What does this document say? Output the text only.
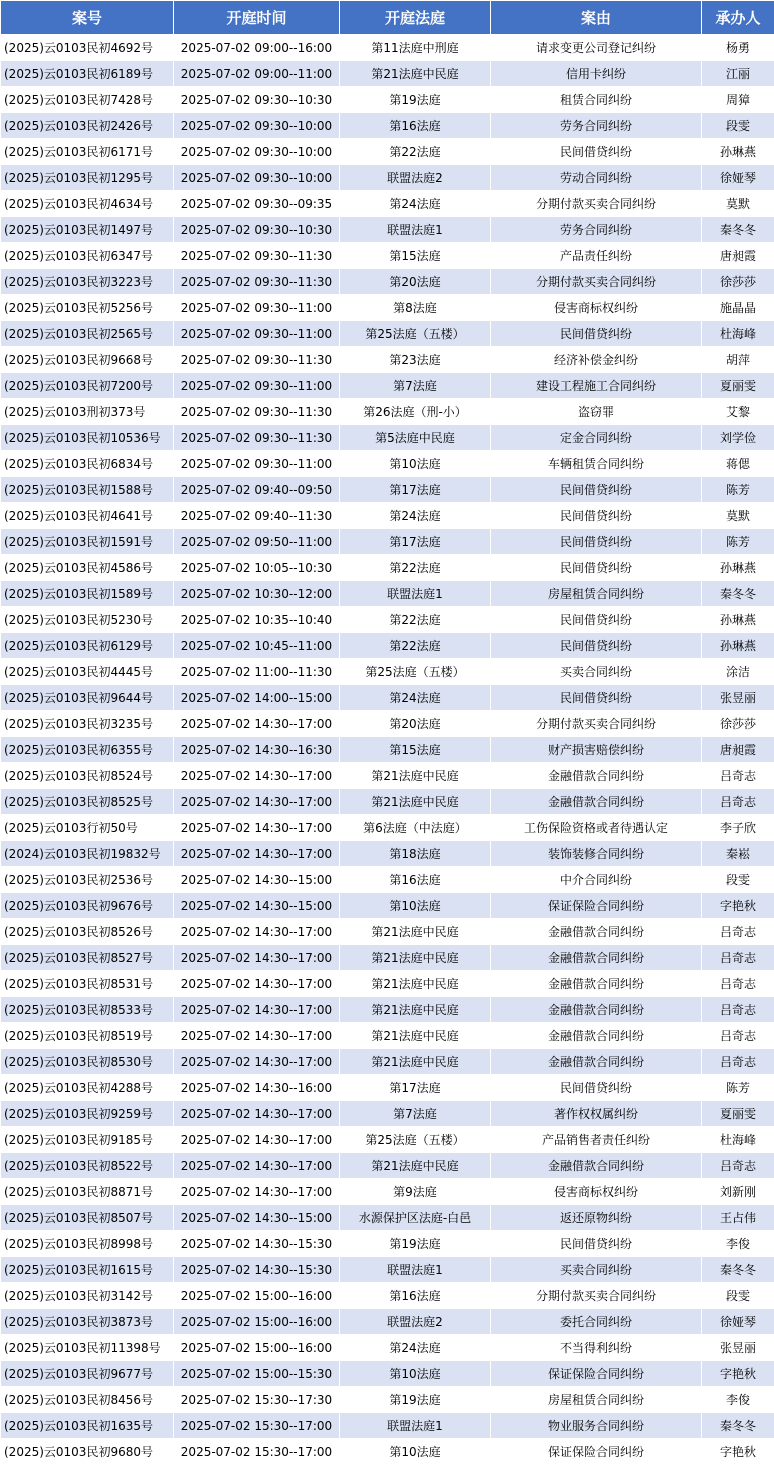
案号	开庭时间	开庭法庭	案由	承办人
(2025)云0103民初4692号	2025-07-02 09:00--16:00	第11法庭中刑庭	请求变更公司登记纠纷	杨勇
(2025)云0103民初6189号	2025-07-02 09:00--11:00	第21法庭中民庭	信用卡纠纷	江丽
(2025)云0103民初7428号	2025-07-02 09:30--10:30	第19法庭	租赁合同纠纷	周獐
(2025)云0103民初2426号	2025-07-02 09:30--10:00	第16法庭	劳务合同纠纷	段雯
(2025)云0103民初6171号	2025-07-02 09:30--10:00	第22法庭	民间借贷纠纷	孙琳燕
(2025)云0103民初1295号	2025-07-02 09:30--10:00	联盟法庭2	劳动合同纠纷	徐娅琴
(2025)云0103民初4634号	2025-07-02 09:30--09:35	第24法庭	分期付款买卖合同纠纷	莫默
(2025)云0103民初1497号	2025-07-02 09:30--10:30	联盟法庭1	劳务合同纠纷	秦冬冬
(2025)云0103民初6347号	2025-07-02 09:30--11:30	第15法庭	产品责任纠纷	唐昶霞
(2025)云0103民初3223号	2025-07-02 09:30--11:30	第20法庭	分期付款买卖合同纠纷	徐莎莎
(2025)云0103民初5256号	2025-07-02 09:30--11:00	第8法庭	侵害商标权纠纷	施晶晶
(2025)云0103民初2565号	2025-07-02 09:30--11:00	第25法庭（五楼）	民间借贷纠纷	杜海峰
(2025)云0103民初9668号	2025-07-02 09:30--11:30	第23法庭	经济补偿金纠纷	胡萍
(2025)云0103民初7200号	2025-07-02 09:30--11:00	第7法庭	建设工程施工合同纠纷	夏丽雯
(2025)云0103刑初373号	2025-07-02 09:30--11:30	第26法庭（刑-小）	盗窃罪	艾黎
(2025)云0103民初10536号	2025-07-02 09:30--11:30	第5法庭中民庭	定金合同纠纷	刘学俭
(2025)云0103民初6834号	2025-07-02 09:30--11:00	第10法庭	车辆租赁合同纠纷	蒋偲
(2025)云0103民初1588号	2025-07-02 09:40--09:50	第17法庭	民间借贷纠纷	陈芳
(2025)云0103民初4641号	2025-07-02 09:40--11:30	第24法庭	民间借贷纠纷	莫默
(2025)云0103民初1591号	2025-07-02 09:50--11:00	第17法庭	民间借贷纠纷	陈芳
(2025)云0103民初4586号	2025-07-02 10:05--10:30	第22法庭	民间借贷纠纷	孙琳燕
(2025)云0103民初1589号	2025-07-02 10:30--12:00	联盟法庭1	房屋租赁合同纠纷	秦冬冬
(2025)云0103民初5230号	2025-07-02 10:35--10:40	第22法庭	民间借贷纠纷	孙琳燕
(2025)云0103民初6129号	2025-07-02 10:45--11:00	第22法庭	民间借贷纠纷	孙琳燕
(2025)云0103民初4445号	2025-07-02 11:00--11:30	第25法庭（五楼）	买卖合同纠纷	涂洁
(2025)云0103民初9644号	2025-07-02 14:00--15:00	第24法庭	民间借贷纠纷	张昱丽
(2025)云0103民初3235号	2025-07-02 14:30--17:00	第20法庭	分期付款买卖合同纠纷	徐莎莎
(2025)云0103民初6355号	2025-07-02 14:30--16:30	第15法庭	财产损害赔偿纠纷	唐昶霞
(2025)云0103民初8524号	2025-07-02 14:30--17:00	第21法庭中民庭	金融借款合同纠纷	吕奇志
(2025)云0103民初8525号	2025-07-02 14:30--17:00	第21法庭中民庭	金融借款合同纠纷	吕奇志
(2025)云0103行初50号	2025-07-02 14:30--17:00	第6法庭（中法庭）	工伤保险资格或者待遇认定	李子欣
(2024)云0103民初19832号	2025-07-02 14:30--17:00	第18法庭	装饰装修合同纠纷	秦崧
(2025)云0103民初2536号	2025-07-02 14:30--15:00	第16法庭	中介合同纠纷	段雯
(2025)云0103民初9676号	2025-07-02 14:30--15:00	第10法庭	保证保险合同纠纷	字艳秋
(2025)云0103民初8526号	2025-07-02 14:30--17:00	第21法庭中民庭	金融借款合同纠纷	吕奇志
(2025)云0103民初8527号	2025-07-02 14:30--17:00	第21法庭中民庭	金融借款合同纠纷	吕奇志
(2025)云0103民初8531号	2025-07-02 14:30--17:00	第21法庭中民庭	金融借款合同纠纷	吕奇志
(2025)云0103民初8533号	2025-07-02 14:30--17:00	第21法庭中民庭	金融借款合同纠纷	吕奇志
(2025)云0103民初8519号	2025-07-02 14:30--17:00	第21法庭中民庭	金融借款合同纠纷	吕奇志
(2025)云0103民初8530号	2025-07-02 14:30--17:00	第21法庭中民庭	金融借款合同纠纷	吕奇志
(2025)云0103民初4288号	2025-07-02 14:30--16:00	第17法庭	民间借贷纠纷	陈芳
(2025)云0103民初9259号	2025-07-02 14:30--17:00	第7法庭	著作权权属纠纷	夏丽雯
(2025)云0103民初9185号	2025-07-02 14:30--17:00	第25法庭（五楼）	产品销售者责任纠纷	杜海峰
(2025)云0103民初8522号	2025-07-02 14:30--17:00	第21法庭中民庭	金融借款合同纠纷	吕奇志
(2025)云0103民初8871号	2025-07-02 14:30--17:00	第9法庭	侵害商标权纠纷	刘新刚
(2025)云0103民初8507号	2025-07-02 14:30--15:00	水源保护区法庭-白邑	返还原物纠纷	王占伟
(2025)云0103民初8998号	2025-07-02 14:30--15:30	第19法庭	民间借贷纠纷	李俊
(2025)云0103民初1615号	2025-07-02 14:30--15:30	联盟法庭1	买卖合同纠纷	秦冬冬
(2025)云0103民初3142号	2025-07-02 15:00--16:00	第16法庭	分期付款买卖合同纠纷	段雯
(2025)云0103民初3873号	2025-07-02 15:00--16:00	联盟法庭2	委托合同纠纷	徐娅琴
(2025)云0103民初11398号	2025-07-02 15:00--16:00	第24法庭	不当得利纠纷	张昱丽
(2025)云0103民初9677号	2025-07-02 15:00--15:30	第10法庭	保证保险合同纠纷	字艳秋
(2025)云0103民初8456号	2025-07-02 15:30--17:30	第19法庭	房屋租赁合同纠纷	李俊
(2025)云0103民初1635号	2025-07-02 15:30--17:00	联盟法庭1	物业服务合同纠纷	秦冬冬
(2025)云0103民初9680号	2025-07-02 15:30--17:00	第10法庭	保证保险合同纠纷	字艳秋
